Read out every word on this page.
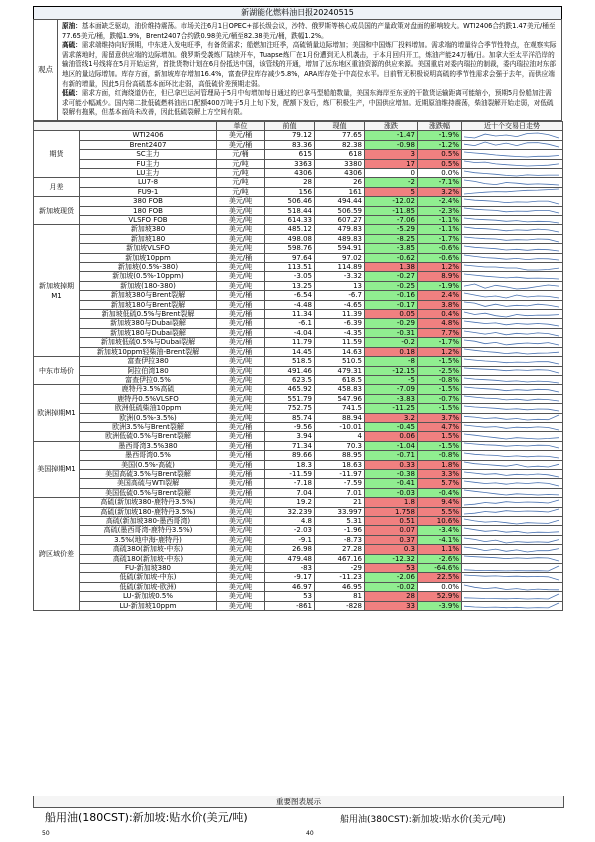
新湖能化燃料油日报20240515
观点	
原油：基本面缺乏驱动，油价维持震荡。市场关注6月1日OPEC+部长级会议，沙特、俄罗斯等核心成员国的产量政策对盘面的影响较大。WTI2406合约跌1.47美元/桶至77.65美元/桶，跌幅1.9%，Brent2407合约跌0.98美元/桶至82.38美元/桶，跌幅1.2%。
高硫：需求端维持向好预期，中东进入发电旺季，有备货需求；船燃加注旺季，高硫销量边际增加；美国和中国炼厂投料增加。需求端的增量待合季节性特点，在观察实际需求落地时，需留意供应端的边际增加。俄罗斯受袭炼厂陆续开车，Tuapse炼厂在1月份遭到无人机袭击，于本月回归开工，炼油产能24万桶/日。加拿大至太平洋沿岸的输油管线1号线将在5月开始运营，首批货物计划在6月份抵达中国，该管线的开通，增加了远东地区重油资源的供应来源。美国重启对委内瑞拉的制裁，委内瑞拉油对东部地区的量边际增加。库存方面，新加坡库存增加16.4%，富查伊拉库存减少5.8%，ARA库存处于中高位水平。目前暂无积极说明高硫的季节性需求会强于去年，而供应端有新的增量，因此5月份高硫基本面环比走弱，高低硫价差预期走弱。
低硫：需求方面，红海绕道仍在，但已拿巴运河管理局于5月中旬增加每日通过的巴拿马型船舶数量，美国东海岸至东亚的干散货运输距离可能缩小，预期5月份船加注需求可能小幅减少。国内第二批低硫燃料油出口配额400万吨于5月上旬下发，配额下发后，炼厂积极生产，中国供应增加。近期原油维持震荡，柴油裂解开始走弱，对低硫裂解有拖累，但基本面尚未改善，因此低硫裂解上方空间有限。
		单位	前值	现值	涨跌	涨跌幅	近十个交易日走势
期货	WTI2406	美元/桶	79.12	77.65	-1.47	-1.9%	

	Brent2407	美元/桶	83.36	82.38	-0.98	-1.2%	

	SC主力	元/桶	615	618	3	0.5%	

	FU主力	元/吨	3363	3380	17	0.5%	

	LU主力	元/吨	4306	4306	0	0.0%	

月差	LU7-8	元/吨	28	26	-2	-7.1%	

	FU9-1	元/吨	156	161	5	3.2%	

新加坡现货	380 FOB	美元/吨	506.46	494.44	-12.02	-2.4%	

	180 FOB	美元/吨	518.44	506.59	-11.85	-2.3%	

	VLSFO FOB	美元/吨	614.33	607.27	-7.06	-1.1%	

新加坡掉期M1	新加坡380	美元/吨	485.12	479.83	-5.29	-1.1%	

	新加坡180	美元/吨	498.08	489.83	-8.25	-1.7%	

	新加坡VLSFO	美元/吨	598.76	594.91	-3.85	-0.6%	

	新加坡10ppm	美元/桶	97.64	97.02	-0.62	-0.6%	

	新加坡(0.5%-380)	美元/吨	113.51	114.89	1.38	1.2%	

	新加坡(0.5%-10ppm)	美元/吨	-3.05	-3.32	-0.27	8.9%	

	新加坡(180-380)	美元/吨	13.25	13	-0.25	-1.9%	

	新加坡380与Brent裂解	美元/桶	-6.54	-6.7	-0.16	2.4%	

	新加坡180与Brent裂解	美元/桶	-4.48	-4.65	-0.17	3.8%	

	新加坡低硫0.5%与Brent裂解	美元/桶	11.34	11.39	0.05	0.4%	

	新加坡380与Dubai裂解	美元/桶	-6.1	-6.39	-0.29	4.8%	

	新加坡180与Dubai裂解	美元/桶	-4.04	-4.35	-0.31	7.7%	

	新加坡低硫0.5%与Dubai裂解	美元/桶	11.79	11.59	-0.2	-1.7%	

	新加坡10ppm轻柴油-Brent裂解	美元/桶	14.45	14.63	0.18	1.2%	

中东市场价	富查伊拉380	美元/吨	518.5	510.5	-8	-1.5%	

	阿拉伯湾180	美元/吨	491.46	479.31	-12.15	-2.5%	

	富查伊拉0.5%	美元/吨	623.5	618.5	-5	-0.8%	

欧洲掉期M1	鹿特丹3.5%高硫	美元/吨	465.92	458.83	-7.09	-1.5%	

	鹿特丹0.5%VLSFO	美元/吨	551.79	547.96	-3.83	-0.7%	

	欧洲低硫柴油10ppm	美元/吨	752.75	741.5	-11.25	-1.5%	

	欧洲(0.5%-3.5%)	美元/吨	85.74	88.94	3.2	3.7%	

	欧洲3.5%与Brent裂解	美元/桶	-9.56	-10.01	-0.45	4.7%	

	欧洲低硫0.5%与Brent裂解	美元/桶	3.94	4	0.06	1.5%	

美国掉期M1	墨西哥湾3.5%380	美元/桶	71.34	70.3	-1.04	-1.5%	

	墨西哥湾0.5%	美元/桶	89.66	88.95	-0.71	-0.8%	

	美国(0.5%-高硫)	美元/桶	18.3	18.63	0.33	1.8%	

	美国高硫3.5%与Brent裂解	美元/桶	-11.59	-11.97	-0.38	3.3%	

	美国高硫与WTI裂解	美元/桶	-7.18	-7.59	-0.41	5.7%	

	美国低硫0.5%与Brent裂解	美元/桶	7.04	7.01	-0.03	-0.4%	

跨区域价差	高硫(新加坡380-鹿特丹3.5%)	美元/吨	19.2	21	1.8	9.4%	

	高硫(新加坡180-鹿特丹3.5%)	美元/吨	32.239	33.997	1.758	5.5%	

	高硫(新加坡380-墨西哥湾)	美元/吨	4.8	5.31	0.51	10.6%	

	高硫(墨西哥湾-鹿特丹3.5%)	美元/吨	-2.03	-1.96	0.07	-3.4%	

	3.5%(地中海-鹿特丹)	美元/吨	-9.1	-8.73	0.37	-4.1%	

	高硫380(新加坡-中东)	美元/吨	26.98	27.28	0.3	1.1%	

	高硫180(新加坡-中东)	美元/吨	479.48	467.16	-12.32	-2.6%	

	FU-新加坡380	美元/吨	-83	-29	53	-64.6%	

	低硫(新加坡-中东)	美元/吨	-9.17	-11.23	-2.06	22.5%	

	低硫(新加坡-欧洲)	美元/吨	46.97	46.95	-0.02	0.0%	

	LU-新加坡0.5%	美元/吨	53	81	28	52.9%	

	LU-新加坡10ppm	美元/吨	-861	-828	33	-3.9%	
重要图表展示
船用油(180CST):新加坡:贴水价(美元/吨)	船用油(380CST):新加坡:贴水价(美元/吨)
50	40
